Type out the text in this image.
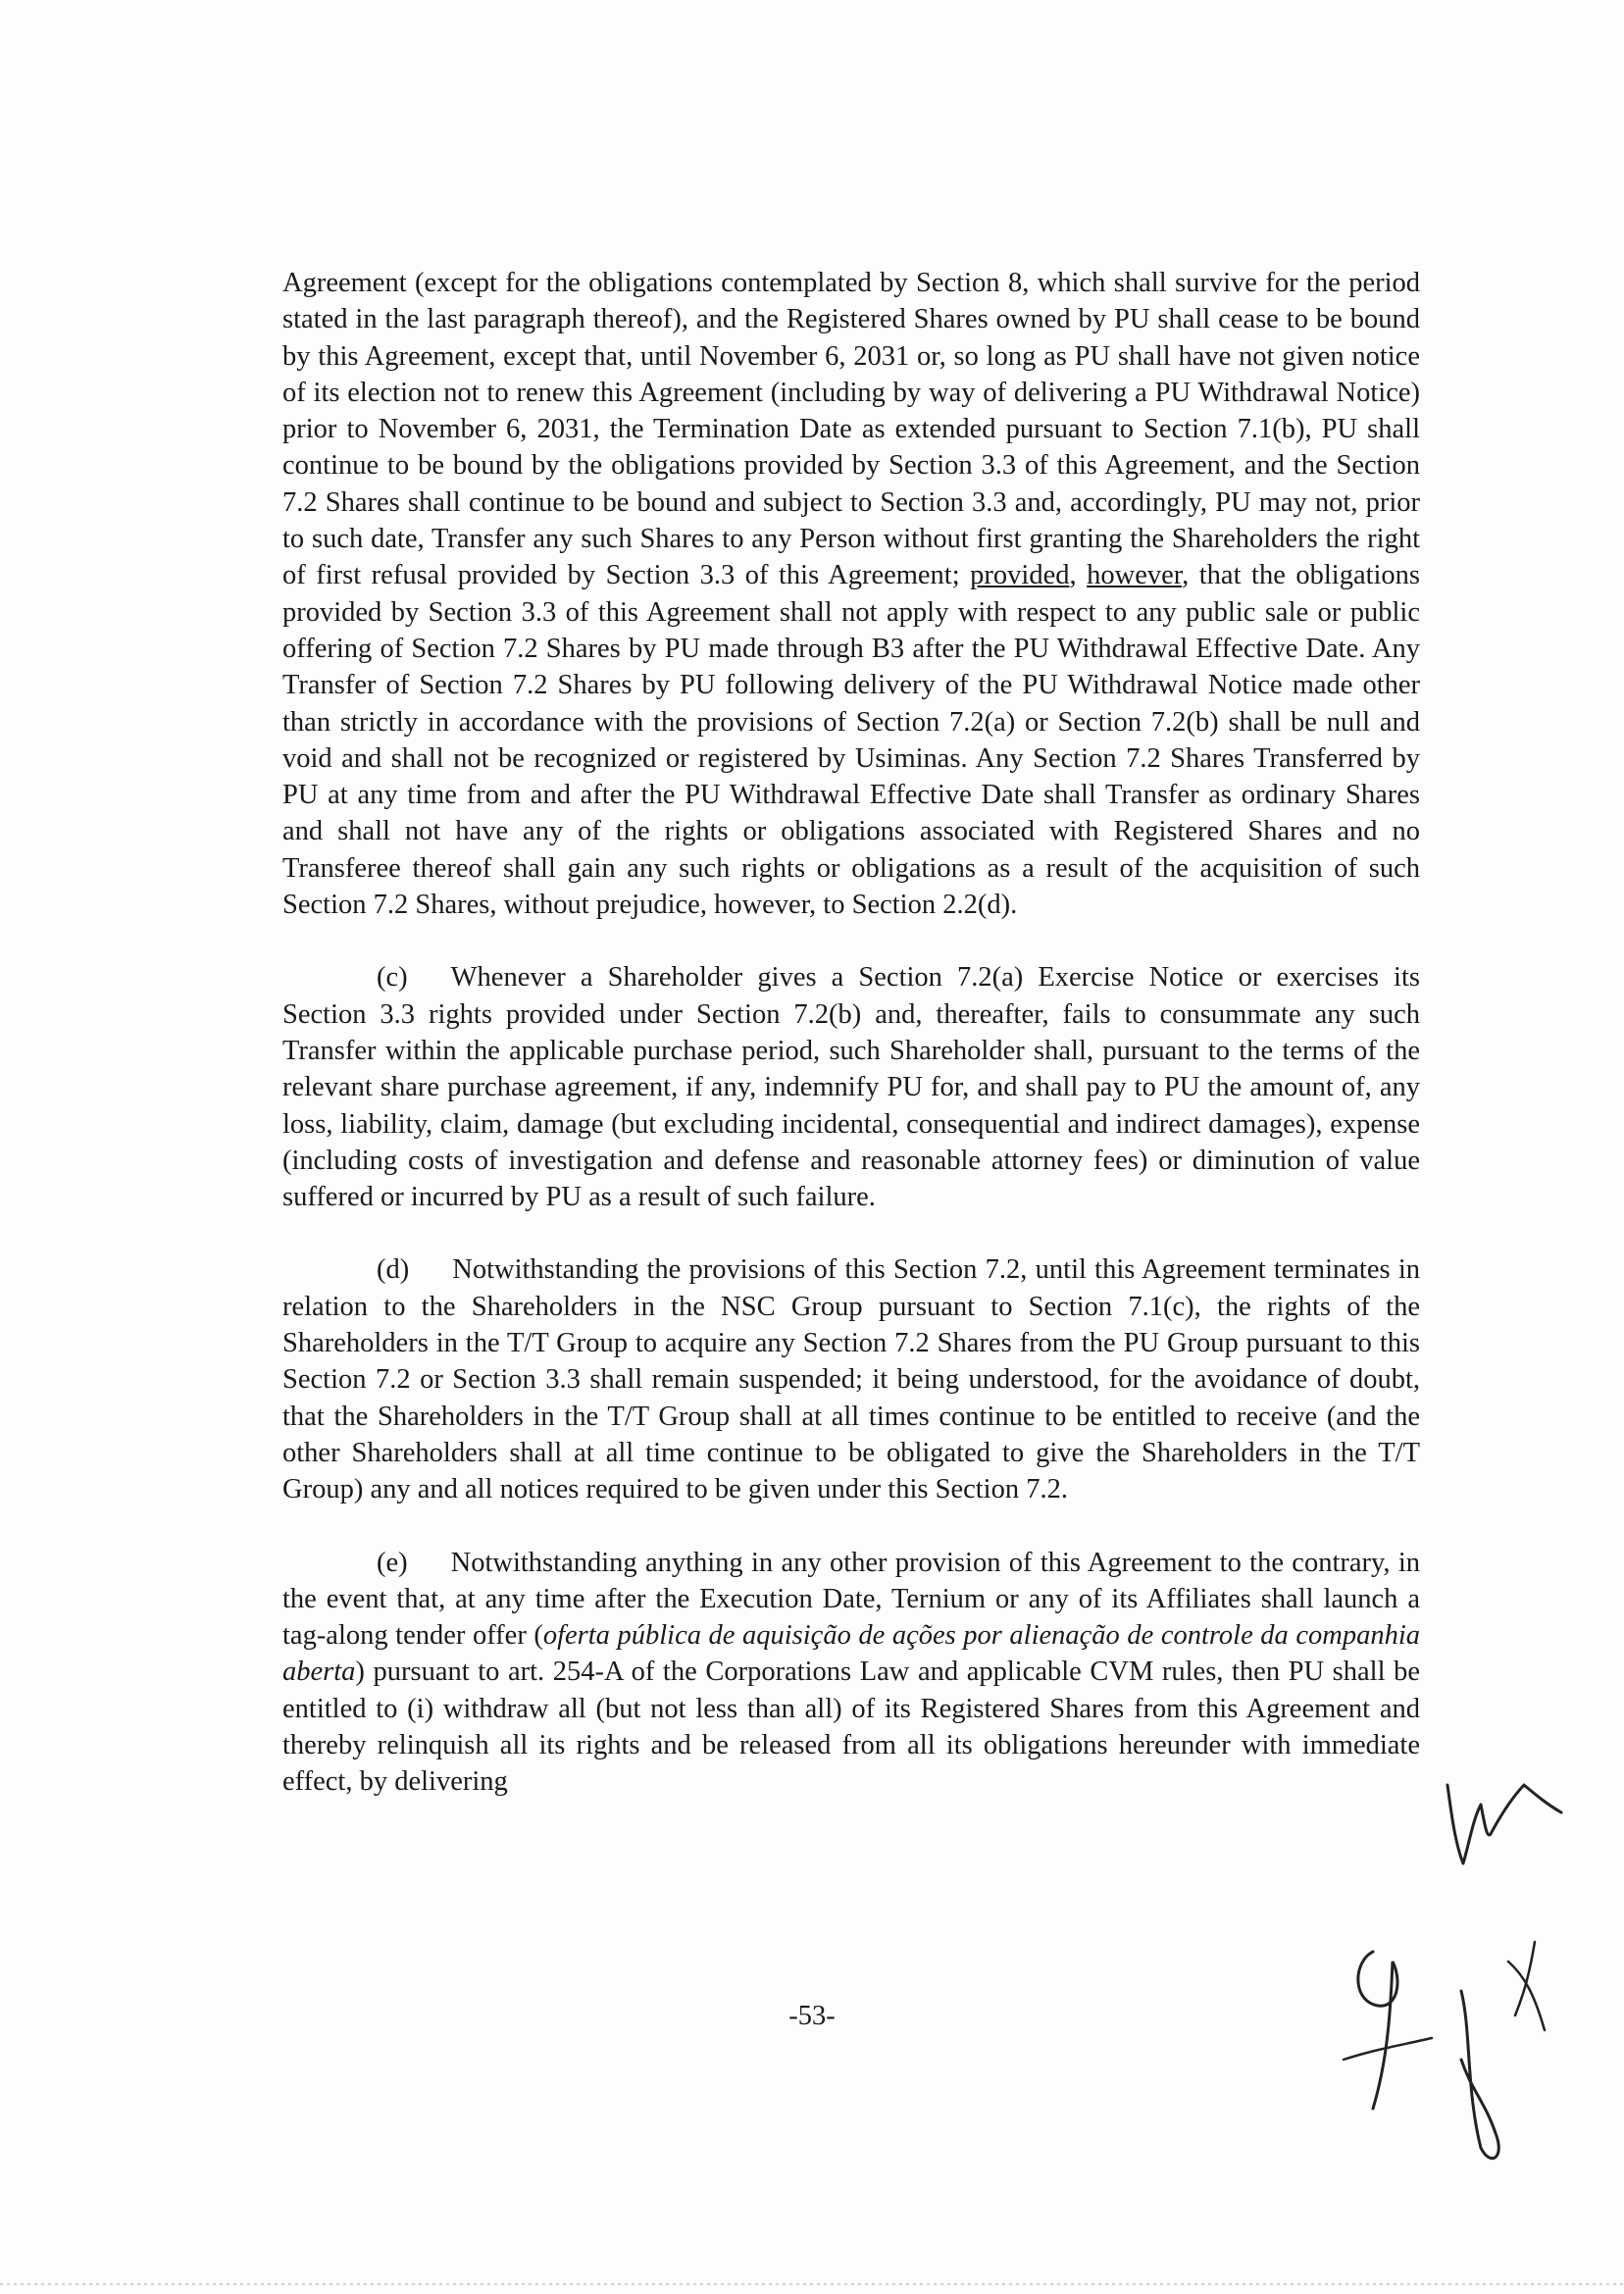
Agreement (except for the obligations contemplated by Section 8, which shall survive for the period stated in the last paragraph thereof), and the Registered Shares owned by PU shall cease to be bound by this Agreement, except that, until November 6, 2031 or, so long as PU shall have not given notice of its election not to renew this Agreement (including by way of delivering a PU Withdrawal Notice) prior to November 6, 2031, the Termination Date as extended pursuant to Section 7.1(b), PU shall continue to be bound by the obligations provided by Section 3.3 of this Agreement, and the Section 7.2 Shares shall continue to be bound and subject to Section 3.3 and, accordingly, PU may not, prior to such date, Transfer any such Shares to any Person without first granting the Shareholders the right of first refusal provided by Section 3.3 of this Agreement; provided, however, that the obligations provided by Section 3.3 of this Agreement shall not apply with respect to any public sale or public offering of Section 7.2 Shares by PU made through B3 after the PU Withdrawal Effective Date. Any Transfer of Section 7.2 Shares by PU following delivery of the PU Withdrawal Notice made other than strictly in accordance with the provisions of Section 7.2(a) or Section 7.2(b) shall be null and void and shall not be recognized or registered by Usiminas. Any Section 7.2 Shares Transferred by PU at any time from and after the PU Withdrawal Effective Date shall Transfer as ordinary Shares and shall not have any of the rights or obligations associated with Registered Shares and no Transferee thereof shall gain any such rights or obligations as a result of the acquisition of such Section 7.2 Shares, without prejudice, however, to Section 2.2(d).

(c) Whenever a Shareholder gives a Section 7.2(a) Exercise Notice or exercises its Section 3.3 rights provided under Section 7.2(b) and, thereafter, fails to consummate any such Transfer within the applicable purchase period, such Shareholder shall, pursuant to the terms of the relevant share purchase agreement, if any, indemnify PU for, and shall pay to PU the amount of, any loss, liability, claim, damage (but excluding incidental, consequential and indirect damages), expense (including costs of investigation and defense and reasonable attorney fees) or diminution of value suffered or incurred by PU as a result of such failure.

(d) Notwithstanding the provisions of this Section 7.2, until this Agreement terminates in relation to the Shareholders in the NSC Group pursuant to Section 7.1(c), the rights of the Shareholders in the T/T Group to acquire any Section 7.2 Shares from the PU Group pursuant to this Section 7.2 or Section 3.3 shall remain suspended; it being understood, for the avoidance of doubt, that the Shareholders in the T/T Group shall at all times continue to be entitled to receive (and the other Shareholders shall at all time continue to be obligated to give the Shareholders in the T/T Group) any and all notices required to be given under this Section 7.2.

(e) Notwithstanding anything in any other provision of this Agreement to the contrary, in the event that, at any time after the Execution Date, Ternium or any of its Affiliates shall launch a tag-along tender offer (oferta pública de aquisição de ações por alienação de controle da companhia aberta) pursuant to art. 254-A of the Corporations Law and applicable CVM rules, then PU shall be entitled to (i) withdraw all (but not less than all) of its Registered Shares from this Agreement and thereby relinquish all its rights and be released from all its obligations hereunder with immediate effect, by delivering

-53-
